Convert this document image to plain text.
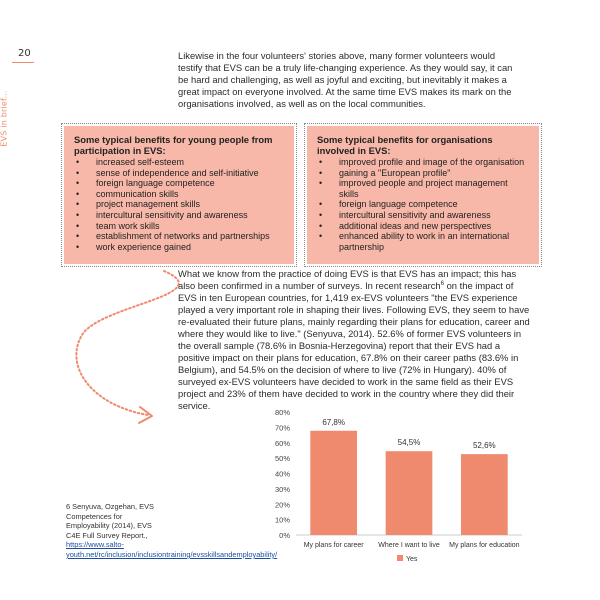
20
EVS in brief...

Likewise in the four volunteers' stories above, many former volunteers would testify that EVS can be a truly life-changing experience. As they would say, it can be hard and challenging, as well as joyful and exciting, but inevitably it makes a great impact on everyone involved. At the same time EVS makes its mark on the organisations involved, as well as on the local communities.

Some typical benefits for young people from participation in EVS:
• increased self-esteem
• sense of independence and self-initiative
• foreign language competence
• communication skills
• project management skills
• intercultural sensitivity and awareness
• team work skills
• establishment of networks and partnerships
• work experience gained
Some typical benefits for organisations involved in EVS:
• improved profile and image of the organisation
• gaining a "European profile"
• improved people and project management skills
• foreign language competence
• intercultural sensitivity and awareness
• additional ideas and new perspectives
• enhanced ability to work in an international partnership

What we know from the practice of doing EVS is that EVS has an impact; this has also been confirmed in a number of surveys. In recent research$^6$ on the impact of EVS in ten European countries, for 1,419 ex-EVS volunteers "the EVS experience played a very important role in shaping their lives. Following EVS, they seem to have re-evaluated their future plans, mainly regarding their plans for education, career and where they would like to live." (Senyuva, 2014). 52.6% of former EVS volunteers in the overall sample (78.6% in Bosnia-Herzegovina) report that their EVS had a positive impact on their plans for education, 67.8% on their career paths (83.6% in Belgium), and 54.5% on the decision of where to live (72% in Hungary). 40% of surveyed ex-EVS volunteers have decided to work in the same field as their EVS project and 23% of them have decided to work in the country where they did their service.

6 Senyuva, Ozgehan, EVS Competences for Employability (2014), EVS C4E Full Survey Report., https://www.salto-youth.net/rc/inclusion/inclusiontraining/evsskillsandemployability/

0%
10%
20%
30%
40%
50%
60%
70%
80%
67,8%
My plans for career
54,5%
Where I want to live
52,6%
My plans for education
Yes
